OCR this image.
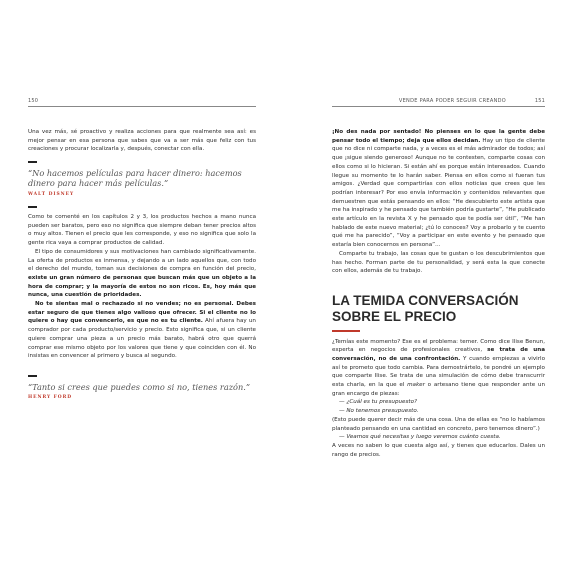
150

Una vez más, sé proactivo y realiza acciones para que realmente sea así: es mejor pensar en esa persona que sabes que va a ser más que feliz con tus creaciones y procurar localizarla y, después, conectar con ella.

“No hacemos películas para hacer dinero: hacemos dinero para hacer más películas.”
WALT DISNEY

Como te comenté en los capítulos 2 y 3, los productos hechos a mano nunca pueden ser baratos, pero eso no significa que siempre deban tener precios altos o muy altos. Tienen el precio que les corresponde, y eso no significa que solo la gente rica vaya a comprar productos de calidad.

El tipo de consumidores y sus motivaciones han cambiado significativamente. La oferta de productos es inmensa, y dejando a un lado aquellos que, con todo el derecho del mundo, toman sus decisiones de compra en función del precio, existe un gran número de personas que buscan más que un objeto a la hora de comprar; y la mayoría de estos no son ricos. Es, hoy más que nunca, una cuestión de prioridades.

No te sientas mal o rechazado si no vendes; no es personal. Debes estar seguro de que tienes algo valioso que ofrecer. Si el cliente no lo quiere o hay que convencerlo, es que no es tu cliente. Ahí afuera hay un comprador por cada producto/servicio y precio. Esto significa que, si un cliente quiere comprar una pieza a un precio más barato, habrá otro que querrá comprar ese mismo objeto por los valores que tiene y que coinciden con él. No insistas en convencer al primero y busca al segundo.

“Tanto si crees que puedes como si no, tienes razón.”
HENRY FORD
VENDE PARA PODER SEGUIR CREANDO	151

¡No des nada por sentado! No pienses en lo que la gente debe pensar todo el tiempo; deja que ellos decidan. Hay un tipo de cliente que no dice ni comparte nada, y a veces es el más admirador de todos; así que ¡sigue siendo generoso! Aunque no te contesten, comparte cosas con ellos como si lo hicieran. Si están ahí es porque están interesados. Cuando llegue su momento te lo harán saber. Piensa en ellos como si fueran tus amigos. ¿Verdad que compartirías con ellos noticias que crees que les podrían interesar? Por eso envía información y contenidos relevantes que demuestren que estás pensando en ellos: “He descubierto este artista que me ha inspirado y he pensado que también podría gustarte”, “He publicado este artículo en la revista X y he pensado que te podía ser útil”, “Me han hablado de este nuevo material; ¿tú lo conoces? Voy a probarlo y te cuento qué me ha parecido”, “Voy a participar en este evento y he pensado que estaría bien conocernos en persona”…

Comparte tu trabajo, las cosas que te gustan o los descubrimientos que has hecho. Forman parte de tu personalidad, y será esta la que conecte con ellos, además de tu trabajo.

LA TEMIDA CONVERSACIÓN
SOBRE EL PRECIO

¿Temías este momento? Ese es el problema: temer. Como dice Ilise Benun, experta en negocios de profesionales creativos, se trata de una conversación, no de una confrontación. Y cuando empiezas a vivirlo así te prometo que todo cambia. Para demostrártelo, te pondré un ejemplo que comparte Ilise. Se trata de una simulación de cómo debe transcurrir esta charla, en la que el maker o artesano tiene que responder ante un gran encargo de piezas:

— ¿Cuál es tu presupuesto?

— No tenemos presupuesto.

(Esto puede querer decir más de una cosa. Una de ellas es “no lo habíamos planteado pensando en una cantidad en concreto, pero tenemos dinero”.)

— Veamos qué necesitas y luego veremos cuánto cuesta.

A veces no saben lo que cuesta algo así, y tienes que educarlos. Dales un rango de precios.
